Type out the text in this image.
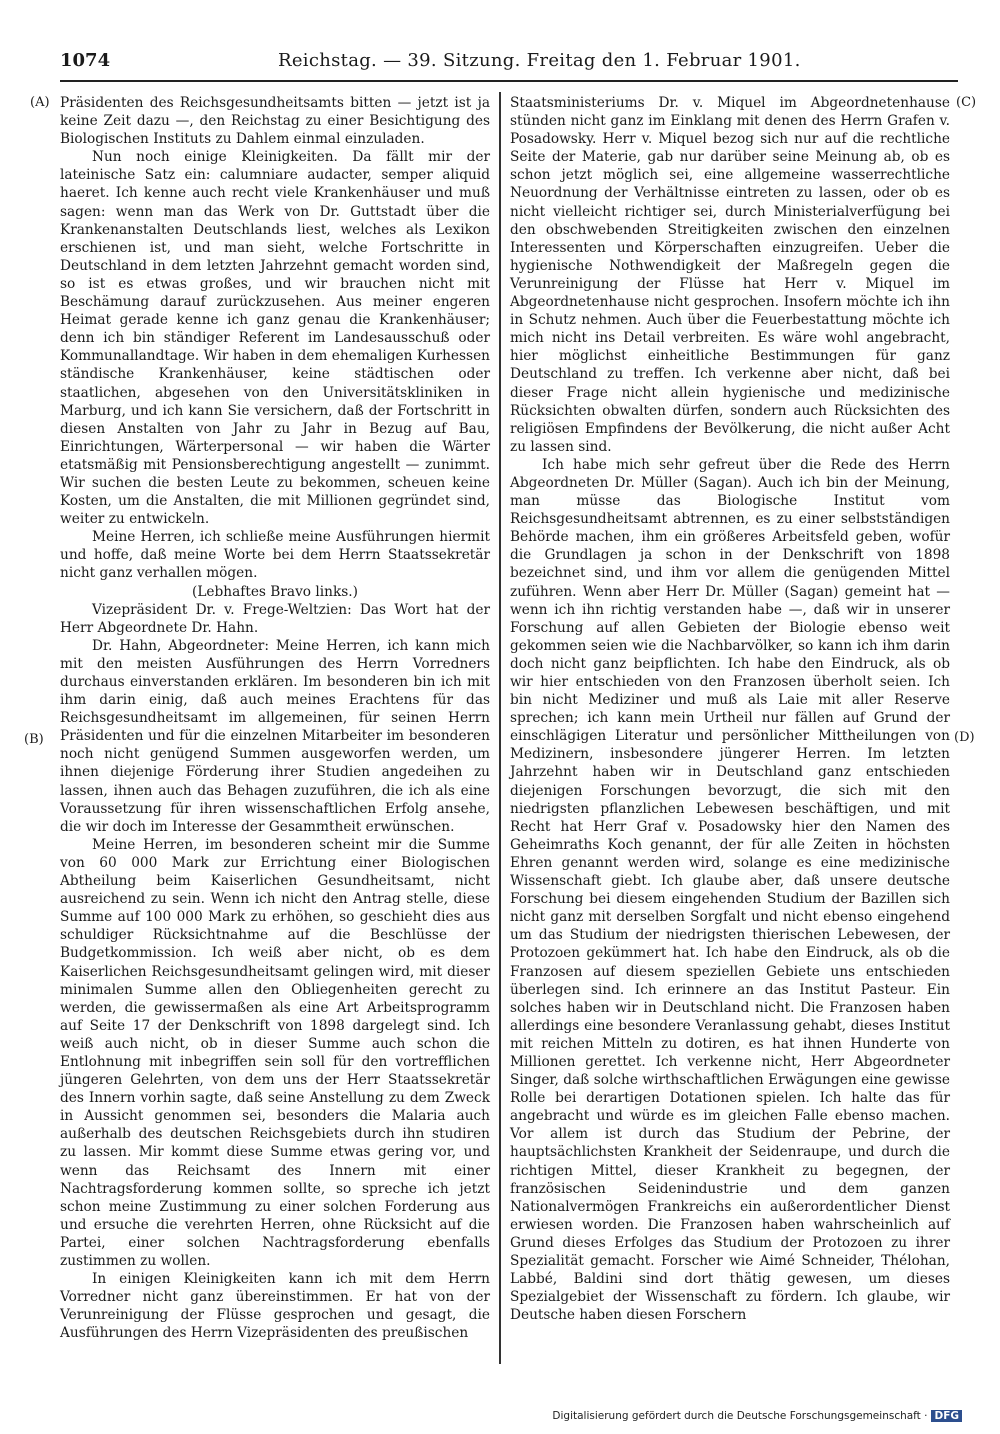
1074	Reichstag. — 39. Sitzung. Freitag den 1. Februar 1901.
(A)
(B)
(C)
(D)

Präsidenten des Reichsgesundheitsamts bitten — jetzt ist ja keine Zeit dazu —, den Reichstag zu einer Besichtigung des Biologischen Instituts zu Dahlem einmal einzuladen.

Nun noch einige Kleinigkeiten. Da fällt mir der lateinische Satz ein: calumniare audacter, semper aliquid haeret. Ich kenne auch recht viele Krankenhäuser und muß sagen: wenn man das Werk von Dr. Guttstadt über die Krankenanstalten Deutschlands liest, welches als Lexikon erschienen ist, und man sieht, welche Fortschritte in Deutschland in dem letzten Jahrzehnt gemacht worden sind, so ist es etwas großes, und wir brauchen nicht mit Beschämung darauf zurückzusehen. Aus meiner engeren Heimat gerade kenne ich ganz genau die Krankenhäuser; denn ich bin ständiger Referent im Landesausschuß oder Kommunallandtage. Wir haben in dem ehemaligen Kurhessen ständische Krankenhäuser, keine städtischen oder staatlichen, abgesehen von den Universitätskliniken in Marburg, und ich kann Sie versichern, daß der Fortschritt in diesen Anstalten von Jahr zu Jahr in Bezug auf Bau, Einrichtungen, Wärterpersonal — wir haben die Wärter etatsmäßig mit Pensionsberechtigung angestellt — zunimmt. Wir suchen die besten Leute zu bekommen, scheuen keine Kosten, um die Anstalten, die mit Millionen gegründet sind, weiter zu entwickeln.

Meine Herren, ich schließe meine Ausführungen hiermit und hoffe, daß meine Worte bei dem Herrn Staatssekretär nicht ganz verhallen mögen.

(Lebhaftes Bravo links.)

Vizepräsident Dr. v. Frege-Weltzien: Das Wort hat der Herr Abgeordnete Dr. Hahn.

Dr. Hahn, Abgeordneter: Meine Herren, ich kann mich mit den meisten Ausführungen des Herrn Vorredners durchaus einverstanden erklären. Im besonderen bin ich mit ihm darin einig, daß auch meines Erachtens für das Reichsgesundheitsamt im allgemeinen, für seinen Herrn Präsidenten und für die einzelnen Mitarbeiter im besonderen noch nicht genügend Summen ausgeworfen werden, um ihnen diejenige Förderung ihrer Studien angedeihen zu lassen, ihnen auch das Behagen zuzuführen, die ich als eine Voraussetzung für ihren wissenschaftlichen Erfolg ansehe, die wir doch im Interesse der Gesammtheit erwünschen.

Meine Herren, im besonderen scheint mir die Summe von 60 000 Mark zur Errichtung einer Biologischen Abtheilung beim Kaiserlichen Gesundheitsamt, nicht ausreichend zu sein. Wenn ich nicht den Antrag stelle, diese Summe auf 100 000 Mark zu erhöhen, so geschieht dies aus schuldiger Rücksichtnahme auf die Beschlüsse der Budgetkommission. Ich weiß aber nicht, ob es dem Kaiserlichen Reichsgesundheitsamt gelingen wird, mit dieser minimalen Summe allen den Obliegenheiten gerecht zu werden, die gewissermaßen als eine Art Arbeitsprogramm auf Seite 17 der Denkschrift von 1898 dargelegt sind. Ich weiß auch nicht, ob in dieser Summe auch schon die Entlohnung mit inbegriffen sein soll für den vortrefflichen jüngeren Gelehrten, von dem uns der Herr Staatssekretär des Innern vorhin sagte, daß seine Anstellung zu dem Zweck in Aussicht genommen sei, besonders die Malaria auch außerhalb des deutschen Reichsgebiets durch ihn studiren zu lassen. Mir kommt diese Summe etwas gering vor, und wenn das Reichsamt des Innern mit einer Nachtragsforderung kommen sollte, so spreche ich jetzt schon meine Zustimmung zu einer solchen Forderung aus und ersuche die verehrten Herren, ohne Rücksicht auf die Partei, einer solchen Nachtragsforderung ebenfalls zustimmen zu wollen.

In einigen Kleinigkeiten kann ich mit dem Herrn Vorredner nicht ganz übereinstimmen. Er hat von der Verunreinigung der Flüsse gesprochen und gesagt, die Ausführungen des Herrn Vizepräsidenten des preußischen

Staatsministeriums Dr. v. Miquel im Abgeordnetenhause stünden nicht ganz im Einklang mit denen des Herrn Grafen v. Posadowsky. Herr v. Miquel bezog sich nur auf die rechtliche Seite der Materie, gab nur darüber seine Meinung ab, ob es schon jetzt möglich sei, eine allgemeine wasserrechtliche Neuordnung der Verhältnisse eintreten zu lassen, oder ob es nicht vielleicht richtiger sei, durch Ministerialverfügung bei den obschwebenden Streitigkeiten zwischen den einzelnen Interessenten und Körperschaften einzugreifen. Ueber die hygienische Nothwendigkeit der Maßregeln gegen die Verunreinigung der Flüsse hat Herr v. Miquel im Abgeordnetenhause nicht gesprochen. Insofern möchte ich ihn in Schutz nehmen. Auch über die Feuerbestattung möchte ich mich nicht ins Detail verbreiten. Es wäre wohl angebracht, hier möglichst einheitliche Bestimmungen für ganz Deutschland zu treffen. Ich verkenne aber nicht, daß bei dieser Frage nicht allein hygienische und medizinische Rücksichten obwalten dürfen, sondern auch Rücksichten des religiösen Empfindens der Bevölkerung, die nicht außer Acht zu lassen sind.

Ich habe mich sehr gefreut über die Rede des Herrn Abgeordneten Dr. Müller (Sagan). Auch ich bin der Meinung, man müsse das Biologische Institut vom Reichsgesundheitsamt abtrennen, es zu einer selbstständigen Behörde machen, ihm ein größeres Arbeitsfeld geben, wofür die Grundlagen ja schon in der Denkschrift von 1898 bezeichnet sind, und ihm vor allem die genügenden Mittel zuführen. Wenn aber Herr Dr. Müller (Sagan) gemeint hat — wenn ich ihn richtig verstanden habe —, daß wir in unserer Forschung auf allen Gebieten der Biologie ebenso weit gekommen seien wie die Nachbarvölker, so kann ich ihm darin doch nicht ganz beipflichten. Ich habe den Eindruck, als ob wir hier entschieden von den Franzosen überholt seien. Ich bin nicht Mediziner und muß als Laie mit aller Reserve sprechen; ich kann mein Urtheil nur fällen auf Grund der einschlägigen Literatur und persönlicher Mittheilungen von Medizinern, insbesondere jüngerer Herren. Im letzten Jahrzehnt haben wir in Deutschland ganz entschieden diejenigen Forschungen bevorzugt, die sich mit den niedrigsten pflanzlichen Lebewesen beschäftigen, und mit Recht hat Herr Graf v. Posadowsky hier den Namen des Geheimraths Koch genannt, der für alle Zeiten in höchsten Ehren genannt werden wird, solange es eine medizinische Wissenschaft giebt. Ich glaube aber, daß unsere deutsche Forschung bei diesem eingehenden Studium der Bazillen sich nicht ganz mit derselben Sorgfalt und nicht ebenso eingehend um das Studium der niedrigsten thierischen Lebewesen, der Protozoen gekümmert hat. Ich habe den Eindruck, als ob die Franzosen auf diesem speziellen Gebiete uns entschieden überlegen sind. Ich erinnere an das Institut Pasteur. Ein solches haben wir in Deutschland nicht. Die Franzosen haben allerdings eine besondere Veranlassung gehabt, dieses Institut mit reichen Mitteln zu dotiren, es hat ihnen Hunderte von Millionen gerettet. Ich verkenne nicht, Herr Abgeordneter Singer, daß solche wirthschaftlichen Erwägungen eine gewisse Rolle bei derartigen Dotationen spielen. Ich halte das für angebracht und würde es im gleichen Falle ebenso machen. Vor allem ist durch das Studium der Pebrine, der hauptsächlichsten Krankheit der Seidenraupe, und durch die richtigen Mittel, dieser Krankheit zu begegnen, der französischen Seidenindustrie und dem ganzen Nationalvermögen Frankreichs ein außerordentlicher Dienst erwiesen worden. Die Franzosen haben wahrscheinlich auf Grund dieses Erfolges das Studium der Protozoen zu ihrer Spezialität gemacht. Forscher wie Aimé Schneider, Thélohan, Labbé, Baldini sind dort thätig gewesen, um dieses Spezialgebiet der Wissenschaft zu fördern. Ich glaube, wir Deutsche haben diesen Forschern

Digitalisierung gefördert durch die Deutsche Forschungsgemeinschaft · DFG
